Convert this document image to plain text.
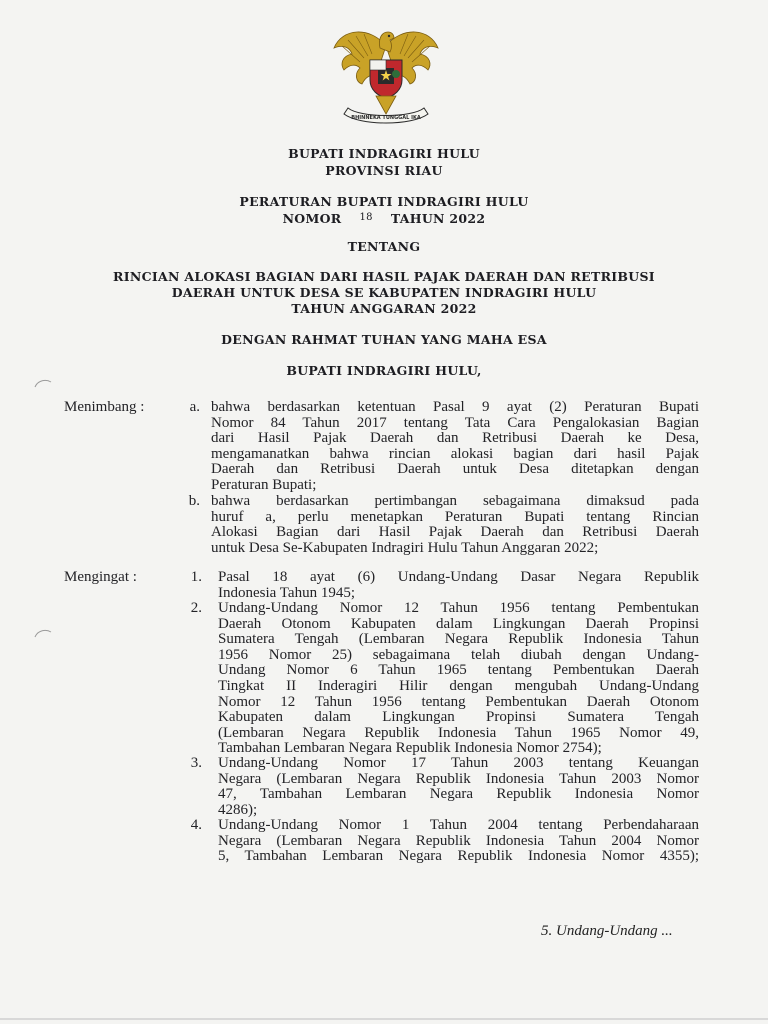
BHINNEKA TUNGGAL IKA
BUPATI INDRAGIRI HULU
PROVINSI RIAU
PERATURAN BUPATI INDRAGIRI HULU
NOMOR $^{18}$ TAHUN 2022
TENTANG
RINCIAN ALOKASI BAGIAN DARI HASIL PAJAK DAERAH DAN RETRIBUSI
DAERAH UNTUK DESA SE KABUPATEN INDRAGIRI HULU
TAHUN ANGGARAN 2022
DENGAN RAHMAT TUHAN YANG MAHA ESA
BUPATI INDRAGIRI HULU,
Menimbang :	a. bahwa berdasarkan ketentuan Pasal 9 ayat (2) Peraturan Bupati
Nomor 84 Tahun 2017 tentang Tata Cara Pengalokasian Bagian
dari Hasil Pajak Daerah dan Retribusi Daerah ke Desa,
mengamanatkan bahwa rincian alokasi bagian dari hasil Pajak
Daerah dan Retribusi Daerah untuk Desa ditetapkan dengan
Peraturan Bupati;
b. bahwa berdasarkan pertimbangan sebagaimana dimaksud pada
huruf a, perlu menetapkan Peraturan Bupati tentang Rincian
Alokasi Bagian dari Hasil Pajak Daerah dan Retribusi Daerah
untuk Desa Se-Kabupaten Indragiri Hulu Tahun Anggaran 2022;
Mengingat :	1. Pasal 18 ayat (6) Undang-Undang Dasar Negara Republik
Indonesia Tahun 1945;
2. Undang-Undang Nomor 12 Tahun 1956 tentang Pembentukan
Daerah Otonom Kabupaten dalam Lingkungan Daerah Propinsi
Sumatera Tengah (Lembaran Negara Republik Indonesia Tahun
1956 Nomor 25) sebagaimana telah diubah dengan Undang-
Undang Nomor 6 Tahun 1965 tentang Pembentukan Daerah
Tingkat II Inderagiri Hilir dengan mengubah Undang-Undang
Nomor 12 Tahun 1956 tentang Pembentukan Daerah Otonom
Kabupaten dalam Lingkungan Propinsi Sumatera Tengah
(Lembaran Negara Republik Indonesia Tahun 1965 Nomor 49,
Tambahan Lembaran Negara Republik Indonesia Nomor 2754);
3. Undang-Undang Nomor 17 Tahun 2003 tentang Keuangan
Negara (Lembaran Negara Republik Indonesia Tahun 2003 Nomor
47, Tambahan Lembaran Negara Republik Indonesia Nomor
4286);
4. Undang-Undang Nomor 1 Tahun 2004 tentang Perbendaharaan
Negara (Lembaran Negara Republik Indonesia Tahun 2004 Nomor
5, Tambahan Lembaran Negara Republik Indonesia Nomor 4355);
5. Undang-Undang ...
